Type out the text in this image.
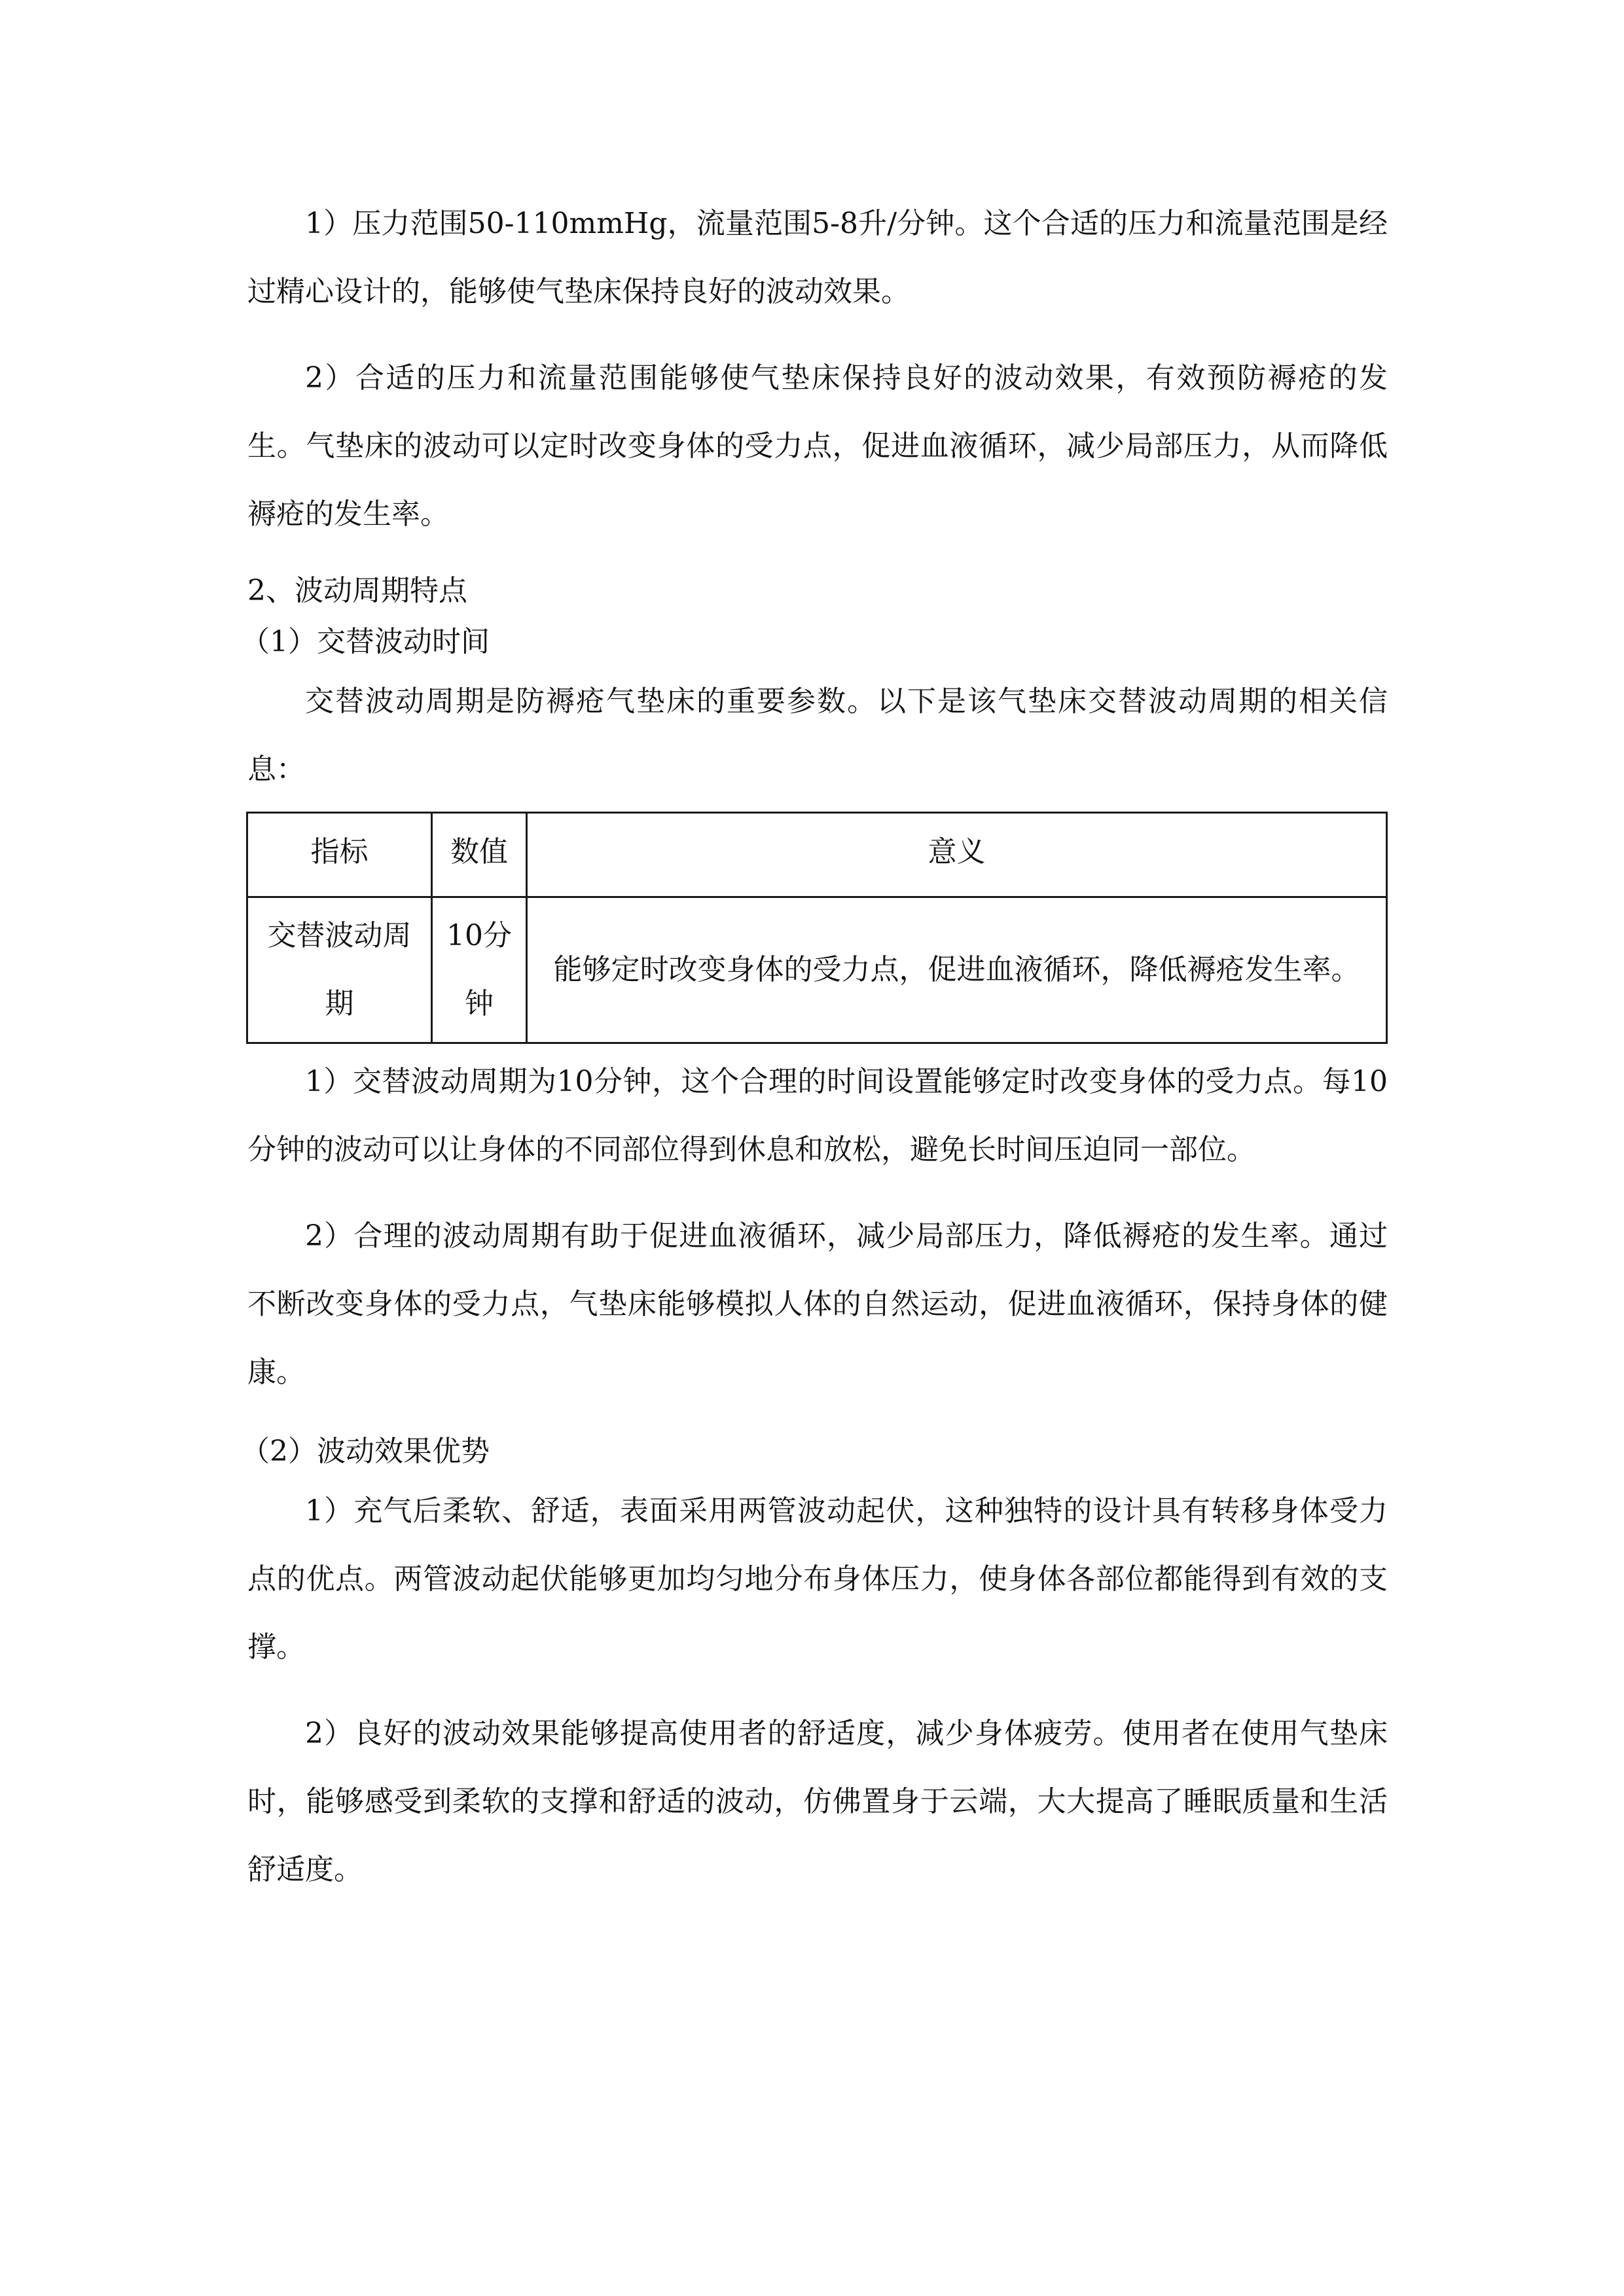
1）压力范围50-110mmHg，流量范围5-8升/分钟。这个合适的压力和流量范围是经过精心设计的，能够使气垫床保持良好的波动效果。

2）合适的压力和流量范围能够使气垫床保持良好的波动效果，有效预防褥疮的发生。气垫床的波动可以定时改变身体的受力点，促进血液循环，减少局部压力，从而降低褥疮的发生率。

2、波动周期特点

（1）交替波动时间

交替波动周期是防褥疮气垫床的重要参数。以下是该气垫床交替波动周期的相关信息：

指标	数值	意义

交替波动周期	10分钟	能够定时改变身体的受力点，促进血液循环，降低褥疮发生率。

1）交替波动周期为10分钟，这个合理的时间设置能够定时改变身体的受力点。每10分钟的波动可以让身体的不同部位得到休息和放松，避免长时间压迫同一部位。

2）合理的波动周期有助于促进血液循环，减少局部压力，降低褥疮的发生率。通过不断改变身体的受力点，气垫床能够模拟人体的自然运动，促进血液循环，保持身体的健康。

（2）波动效果优势

1）充气后柔软、舒适，表面采用两管波动起伏，这种独特的设计具有转移身体受力点的优点。两管波动起伏能够更加均匀地分布身体压力，使身体各部位都能得到有效的支撑。

2）良好的波动效果能够提高使用者的舒适度，减少身体疲劳。使用者在使用气垫床时，能够感受到柔软的支撑和舒适的波动，仿佛置身于云端，大大提高了睡眠质量和生活舒适度。
